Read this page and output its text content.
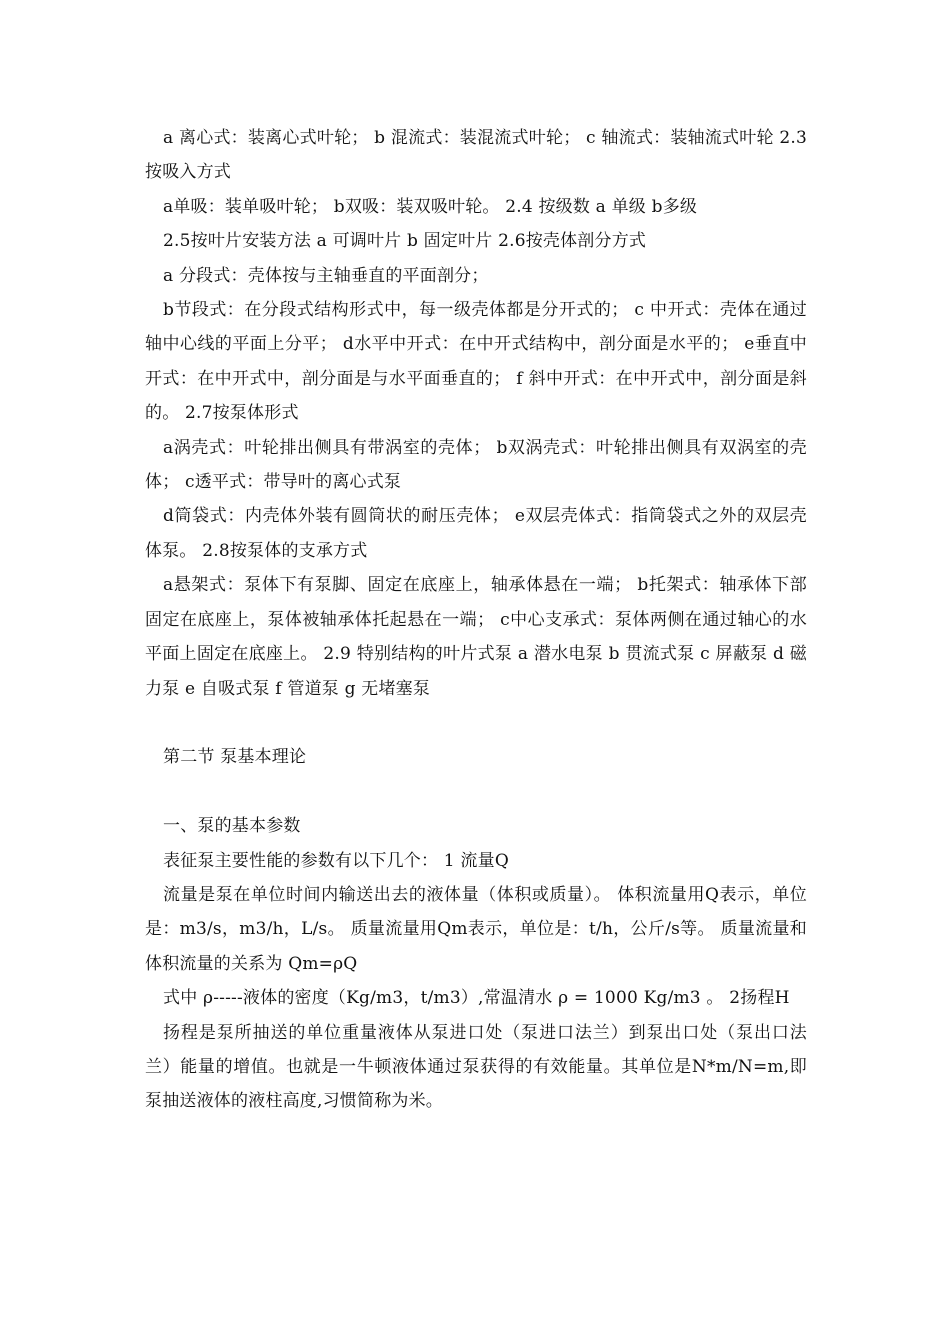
a 离心式：装离心式叶轮； b 混流式：装混流式叶轮； c 轴流式：装轴流式叶轮 2.3按吸入方式

a单吸：装单吸叶轮； b双吸：装双吸叶轮。 2.4 按级数 a 单级 b多级

2.5按叶片安装方法 a 可调叶片 b 固定叶片 2.6按壳体剖分方式

a 分段式：壳体按与主轴垂直的平面剖分；

b节段式：在分段式结构形式中，每一级壳体都是分开式的； c 中开式：壳体在通过轴中心线的平面上分平； d水平中开式：在中开式结构中，剖分面是水平的； e垂直中开式：在中开式中，剖分面是与水平面垂直的； f 斜中开式：在中开式中，剖分面是斜的。 2.7按泵体形式

a涡壳式：叶轮排出侧具有带涡室的壳体； b双涡壳式：叶轮排出侧具有双涡室的壳体； c透平式：带导叶的离心式泵

d筒袋式：内壳体外装有圆筒状的耐压壳体； e双层壳体式：指筒袋式之外的双层壳体泵。 2.8按泵体的支承方式

a悬架式：泵体下有泵脚、固定在底座上，轴承体悬在一端； b托架式：轴承体下部固定在底座上，泵体被轴承体托起悬在一端； c中心支承式：泵体两侧在通过轴心的水平面上固定在底座上。 2.9 特别结构的叶片式泵 a 潜水电泵 b 贯流式泵 c 屏蔽泵 d 磁力泵 e 自吸式泵 f 管道泵 g 无堵塞泵

第二节 泵基本理论

一、泵的基本参数

表征泵主要性能的参数有以下几个： 1 流量Q

流量是泵在单位时间内输送出去的液体量（体积或质量）。 体积流量用Q表示，单位是：m3/s，m3/h，L/s。 质量流量用Qm表示，单位是：t/h，公斤/s等。 质量流量和体积流量的关系为 Qm=ρQ

式中 ρ-----液体的密度（Kg/m3，t/m3）,常温清水 ρ = 1000 Kg/m3 。 2扬程H

扬程是泵所抽送的单位重量液体从泵进口处（泵进口法兰）到泵出口处（泵出口法兰）能量的增值。也就是一牛顿液体通过泵获得的有效能量。其单位是N*m/N=m,即泵抽送液体的液柱高度,习惯简称为米。
